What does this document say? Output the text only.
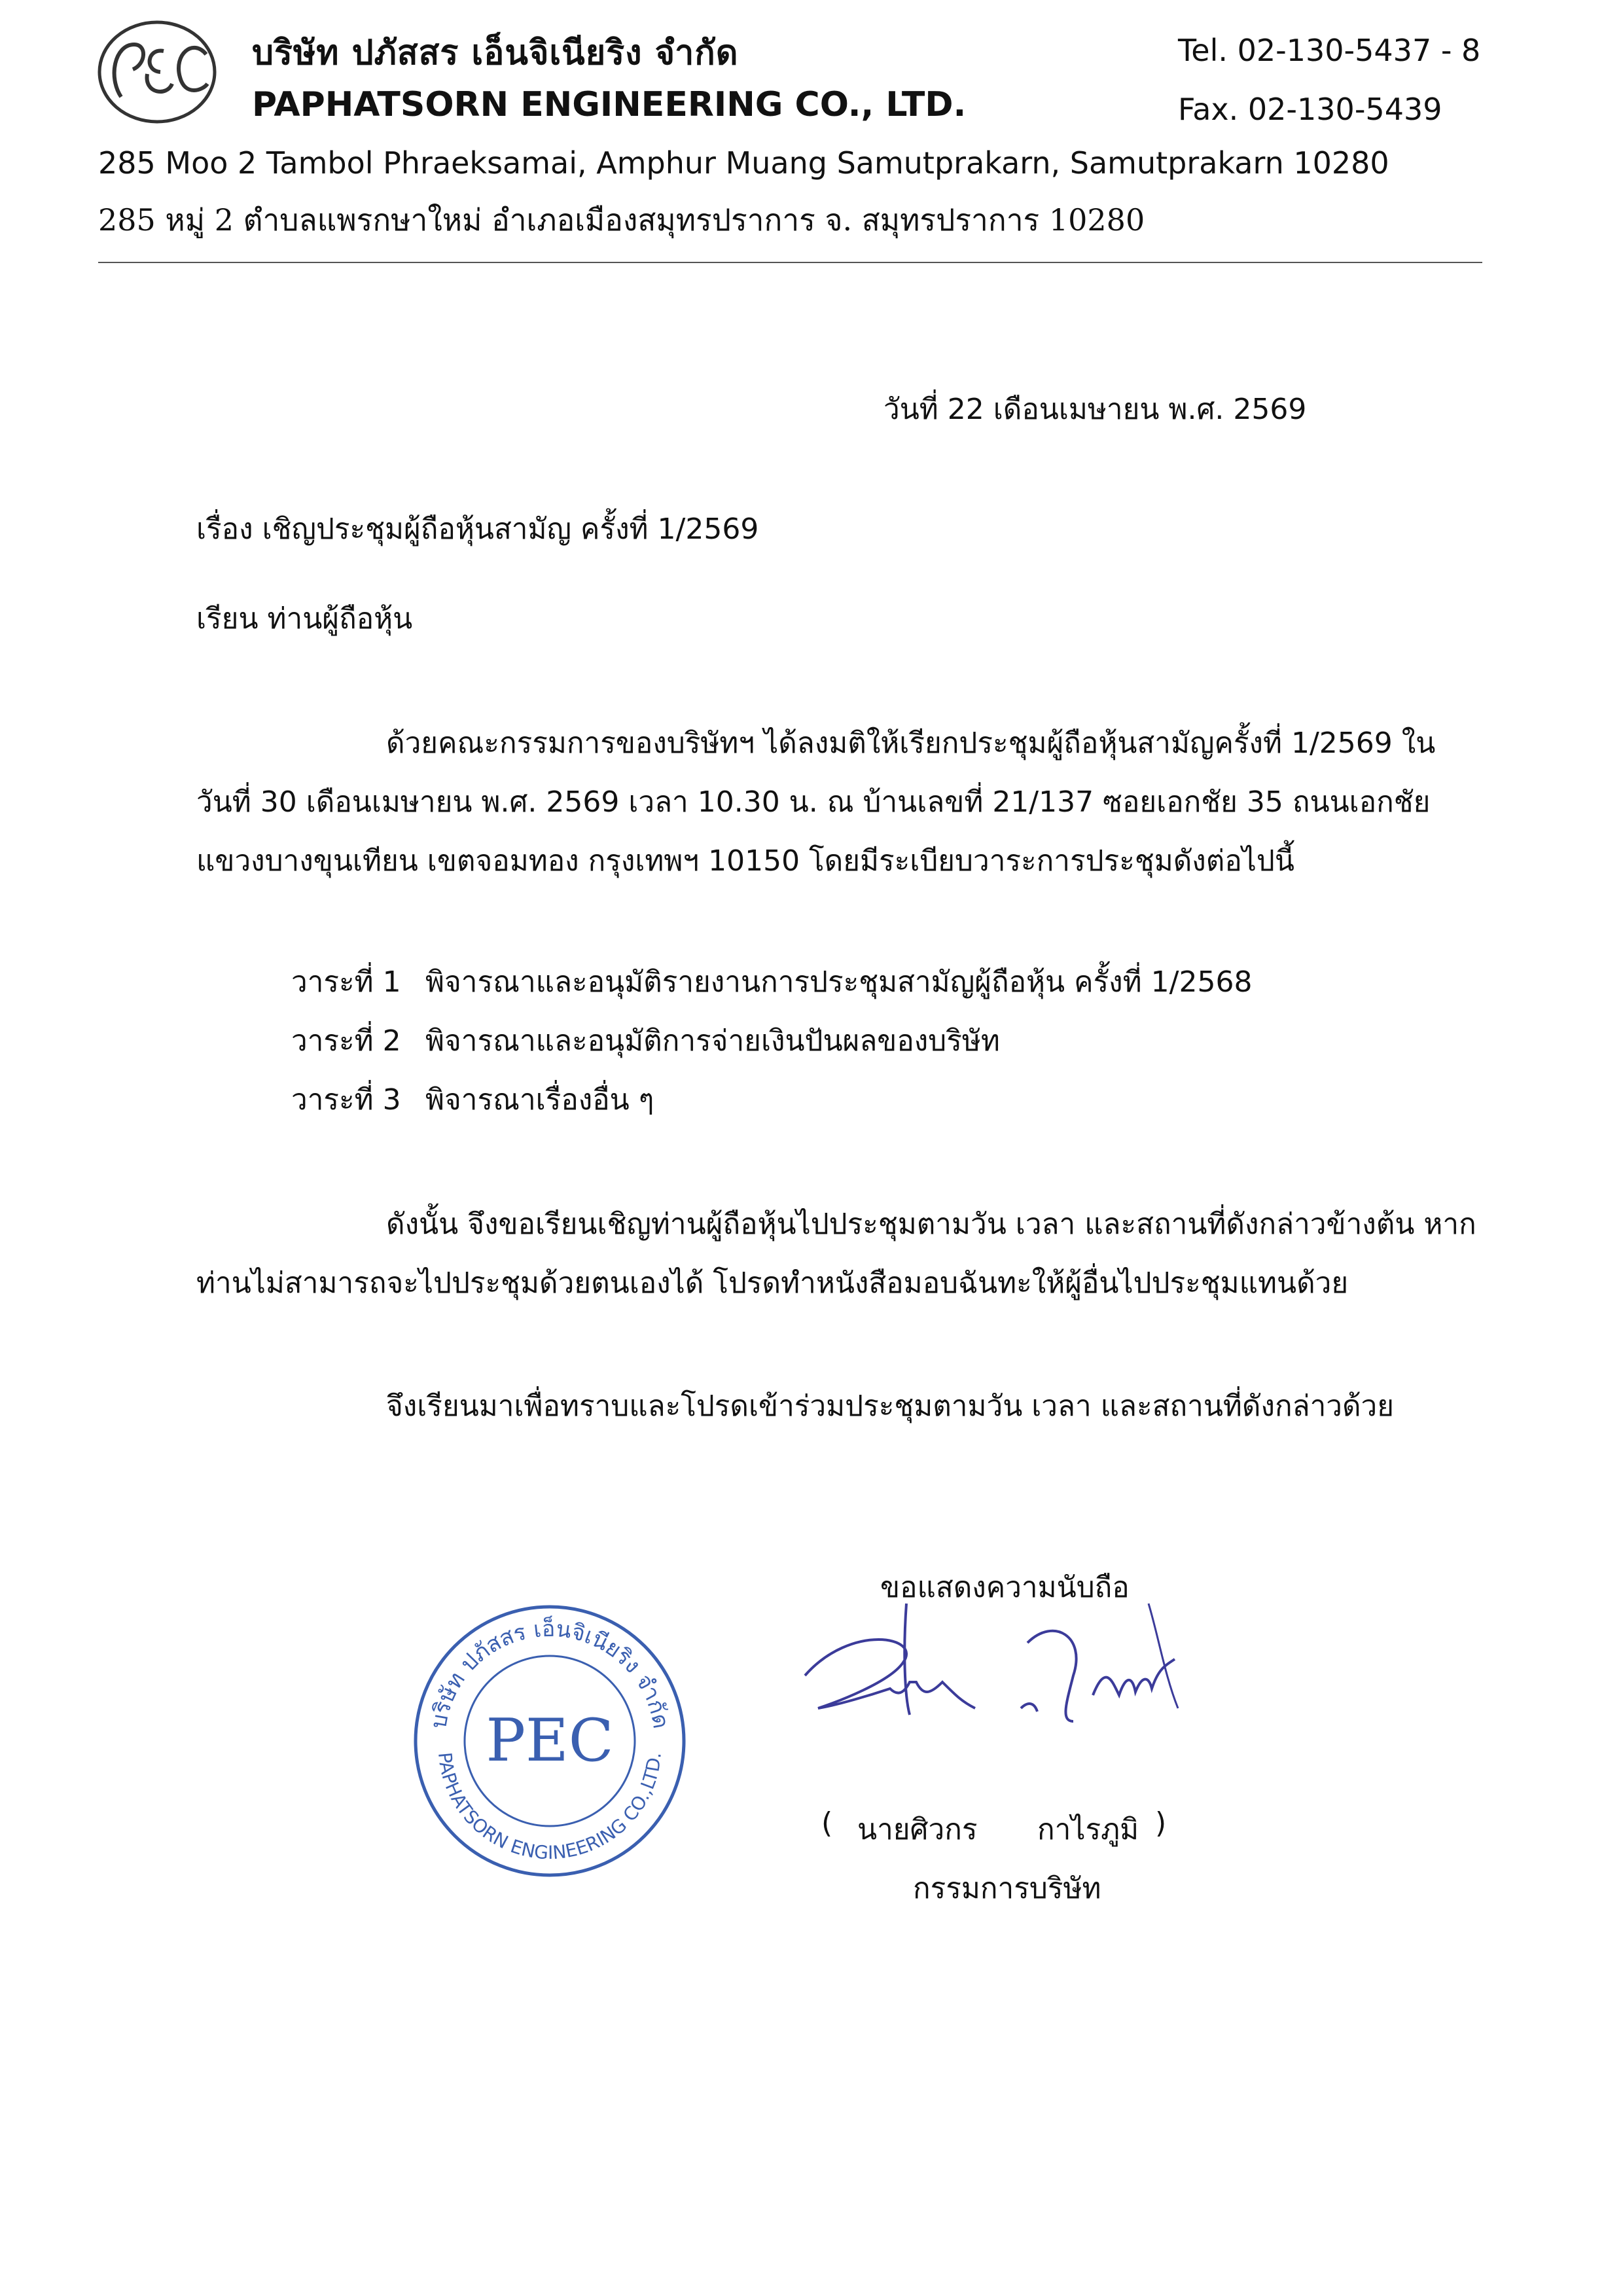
บริษัท ปภัสสร เอ็นจิเนียริง จำกัด
PAPHATSORN ENGINEERING CO., LTD.
Tel. 02-130-5437 - 8
Fax. 02-130-5439
285 Moo 2 Tambol Phraeksamai, Amphur Muang Samutprakarn, Samutprakarn 10280
285 หมู่ 2 ตำบลแพรกษาใหม่ อำเภอเมืองสมุทรปราการ จ. สมุทรปราการ 10280
วันที่ 22 เดือนเมษายน พ.ศ. 2569
เรื่อง เชิญประชุมผู้ถือหุ้นสามัญ ครั้งที่ 1/2569
เรียน ท่านผู้ถือหุ้น
ด้วยคณะกรรมการของบริษัทฯ ได้ลงมติให้เรียกประชุมผู้ถือหุ้นสามัญครั้งที่ 1/2569 ใน
วันที่ 30 เดือนเมษายน พ.ศ. 2569 เวลา 10.30 น. ณ บ้านเลขที่ 21/137 ซอยเอกชัย 35 ถนนเอกชัย
แขวงบางขุนเทียน เขตจอมทอง กรุงเทพฯ 10150 โดยมีระเบียบวาระการประชุมดังต่อไปนี้
วาระที่ 1 พิจารณาและอนุมัติรายงานการประชุมสามัญผู้ถือหุ้น ครั้งที่ 1/2568
วาระที่ 2 พิจารณาและอนุมัติการจ่ายเงินปันผลของบริษัท
วาระที่ 3 พิจารณาเรื่องอื่น ๆ
ดังนั้น จึงขอเรียนเชิญท่านผู้ถือหุ้นไปประชุมตามวัน เวลา และสถานที่ดังกล่าวข้างต้น หาก
ท่านไม่สามารถจะไปประชุมด้วยตนเองได้ โปรดทำหนังสือมอบฉันทะให้ผู้อื่นไปประชุมแทนด้วย
จึงเรียนมาเพื่อทราบและโปรดเข้าร่วมประชุมตามวัน เวลา และสถานที่ดังกล่าวด้วย
ขอแสดงความนับถือ
บริษัท ปภัสสร เอ็นจิเนียริง จำกัด
PAPHATSORN ENGINEERING CO.,LTD.
PEC
( นายศิวกร กาไรภูมิ )
กรรมการบริษัท
